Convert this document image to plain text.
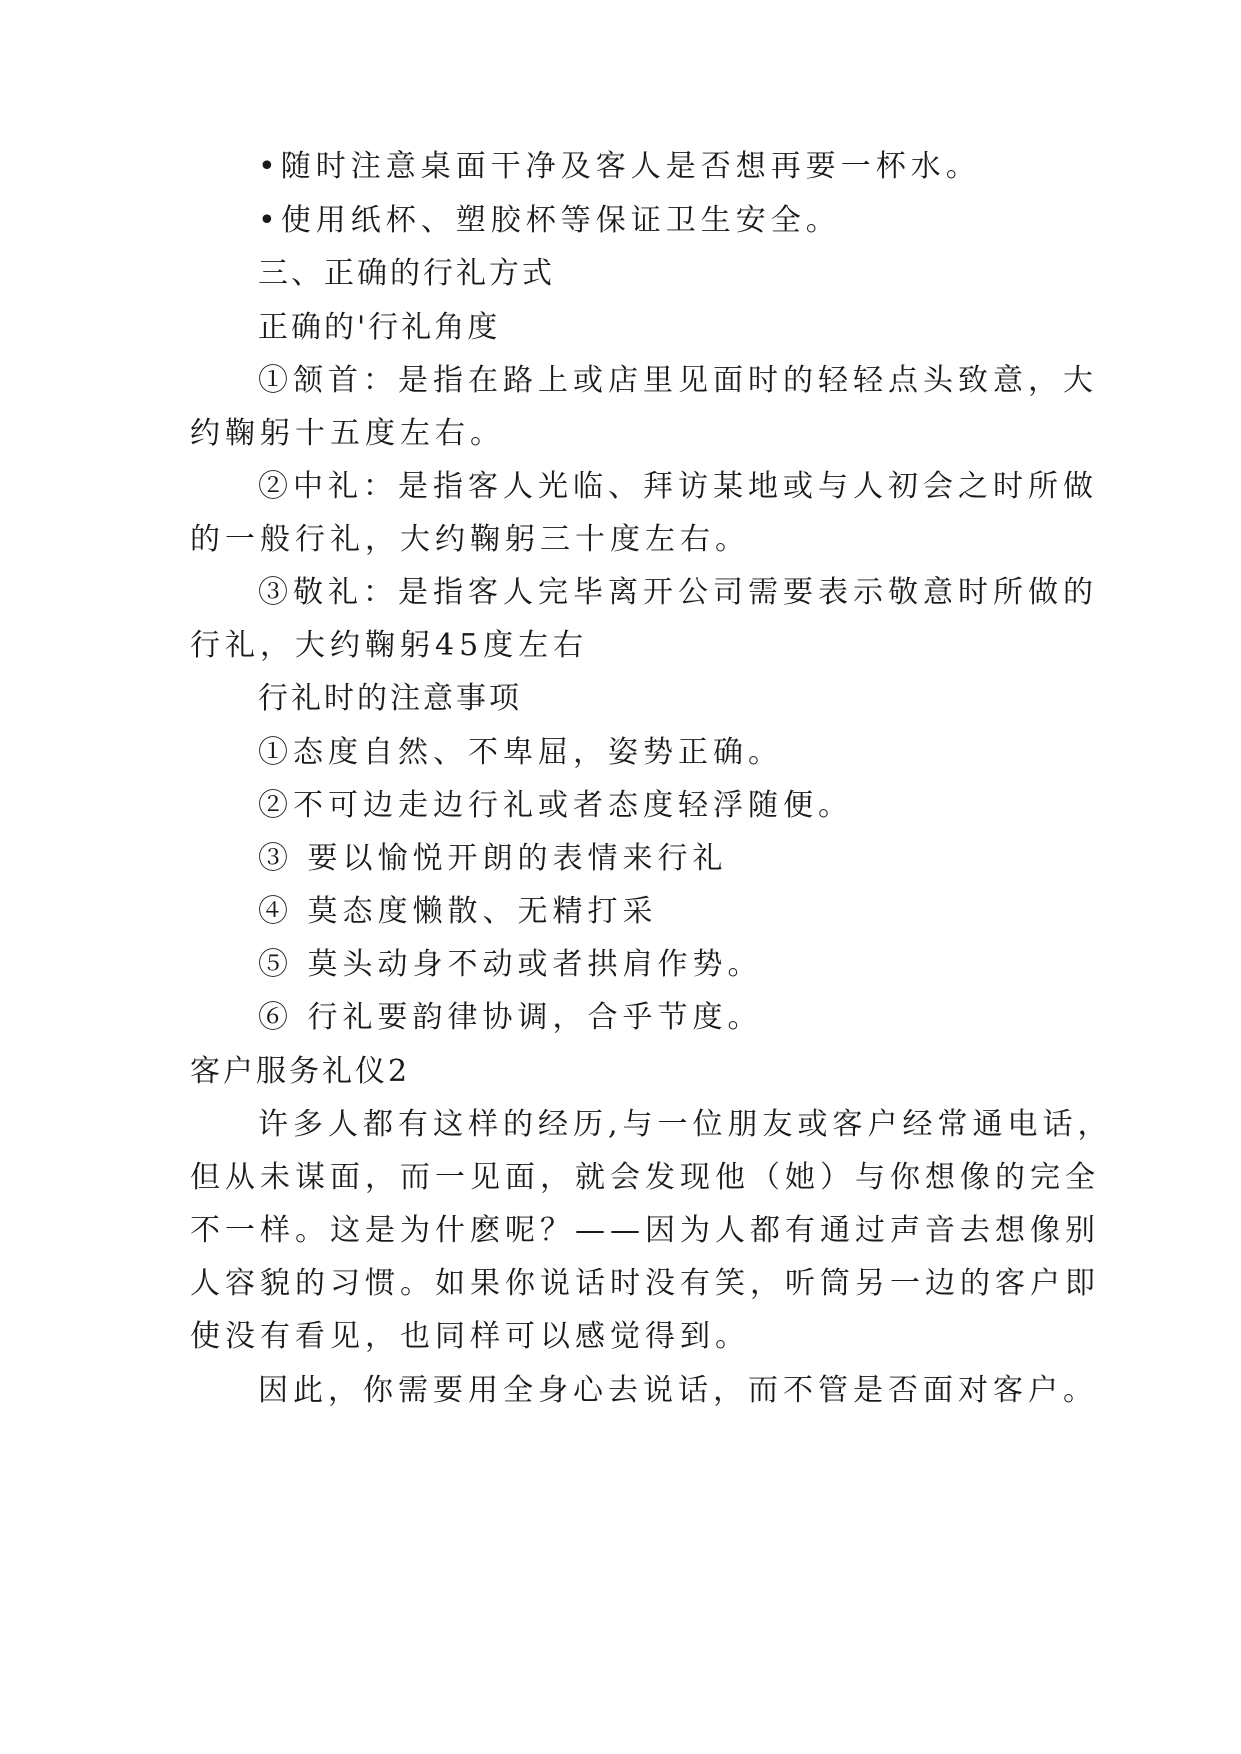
•随时注意桌面干净及客人是否想再要一杯水。
•使用纸杯、塑胶杯等保证卫生安全。
三、正确的行礼方式
正确的'行礼角度
①颔首：是指在路上或店里见面时的轻轻点头致意，大
约鞠躬十五度左右。
②中礼：是指客人光临、拜访某地或与人初会之时所做
的一般行礼，大约鞠躬三十度左右。
③敬礼：是指客人完毕离开公司需要表示敬意时所做的
行礼，大约鞠躬45度左右
行礼时的注意事项
①态度自然、不卑屈，姿势正确。
②不可边走边行礼或者态度轻浮随便。
③ 要以愉悦开朗的表情来行礼
④ 莫态度懒散、无精打采
⑤ 莫头动身不动或者拱肩作势。
⑥ 行礼要韵律协调，合乎节度。
客户服务礼仪2
许多人都有这样的经历,与一位朋友或客户经常通电话，
但从未谋面，而一见面，就会发现他（她）与你想像的完全
不一样。这是为什麽呢？——因为人都有通过声音去想像别
人容貌的习惯。如果你说话时没有笑，听筒另一边的客户即
使没有看见，也同样可以感觉得到。
因此，你需要用全身心去说话，而不管是否面对客户。
